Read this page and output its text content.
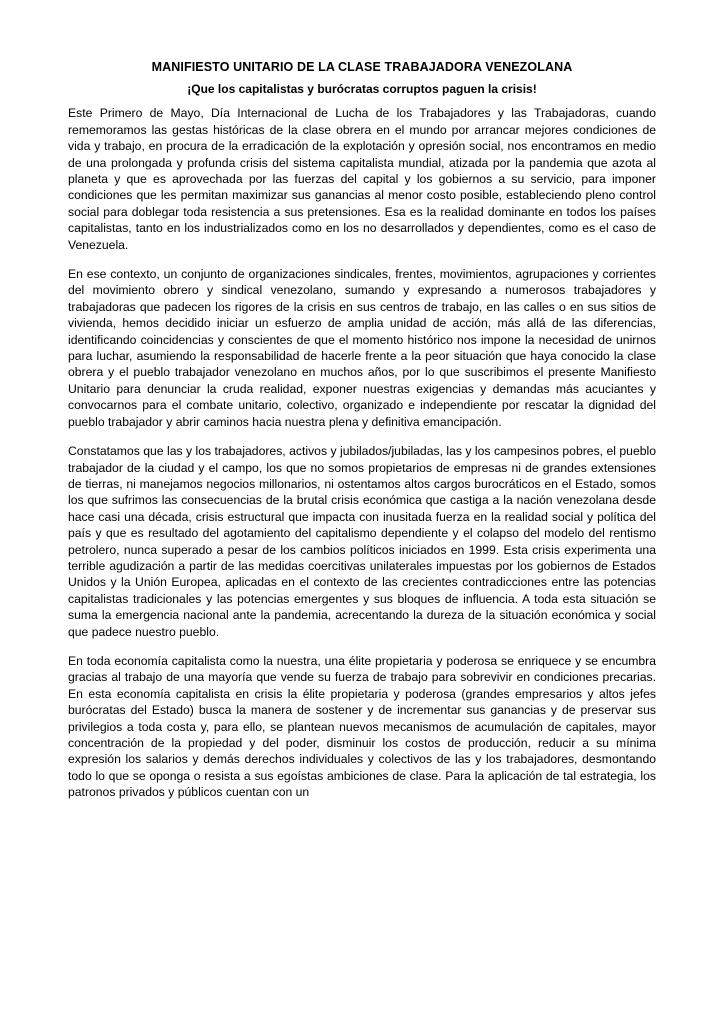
MANIFIESTO UNITARIO DE LA CLASE TRABAJADORA VENEZOLANA
¡Que los capitalistas y burócratas corruptos paguen la crisis!

Este Primero de Mayo, Día Internacional de Lucha de los Trabajadores y las Trabajadoras, cuando rememoramos las gestas históricas de la clase obrera en el mundo por arrancar mejores condiciones de vida y trabajo, en procura de la erradicación de la explotación y opresión social, nos encontramos en medio de una prolongada y profunda crisis del sistema capitalista mundial, atizada por la pandemia que azota al planeta y que es aprovechada por las fuerzas del capital y los gobiernos a su servicio, para imponer condiciones que les permitan maximizar sus ganancias al menor costo posible, estableciendo pleno control social para doblegar toda resistencia a sus pretensiones. Esa es la realidad dominante en todos los países capitalistas, tanto en los industrializados como en los no desarrollados y dependientes, como es el caso de Venezuela.

En ese contexto, un conjunto de organizaciones sindicales, frentes, movimientos, agrupaciones y corrientes del movimiento obrero y sindical venezolano, sumando y expresando a numerosos trabajadores y trabajadoras que padecen los rigores de la crisis en sus centros de trabajo, en las calles o en sus sitios de vivienda, hemos decidido iniciar un esfuerzo de amplia unidad de acción, más allá de las diferencias, identificando coincidencias y conscientes de que el momento histórico nos impone la necesidad de unirnos para luchar, asumiendo la responsabilidad de hacerle frente a la peor situación que haya conocido la clase obrera y el pueblo trabajador venezolano en muchos años, por lo que suscribimos el presente Manifiesto Unitario para denunciar la cruda realidad, exponer nuestras exigencias y demandas más acuciantes y convocarnos para el combate unitario, colectivo, organizado e independiente por rescatar la dignidad del pueblo trabajador y abrir caminos hacia nuestra plena y definitiva emancipación.

Constatamos que las y los trabajadores, activos y jubilados/jubiladas, las y los campesinos pobres, el pueblo trabajador de la ciudad y el campo, los que no somos propietarios de empresas ni de grandes extensiones de tierras, ni manejamos negocios millonarios, ni ostentamos altos cargos burocráticos en el Estado, somos los que sufrimos las consecuencias de la brutal crisis económica que castiga a la nación venezolana desde hace casi una década, crisis estructural que impacta con inusitada fuerza en la realidad social y política del país y que es resultado del agotamiento del capitalismo dependiente y el colapso del modelo del rentismo petrolero, nunca superado a pesar de los cambios políticos iniciados en 1999. Esta crisis experimenta una terrible agudización a partir de las medidas coercitivas unilaterales impuestas por los gobiernos de Estados Unidos y la Unión Europea, aplicadas en el contexto de las crecientes contradicciones entre las potencias capitalistas tradicionales y las potencias emergentes y sus bloques de influencia. A toda esta situación se suma la emergencia nacional ante la pandemia, acrecentando la dureza de la situación económica y social que padece nuestro pueblo.

En toda economía capitalista como la nuestra, una élite propietaria y poderosa se enriquece y se encumbra gracias al trabajo de una mayoría que vende su fuerza de trabajo para sobrevivir en condiciones precarias. En esta economía capitalista en crisis la élite propietaria y poderosa (grandes empresarios y altos jefes burócratas del Estado) busca la manera de sostener y de incrementar sus ganancias y de preservar sus privilegios a toda costa y, para ello, se plantean nuevos mecanismos de acumulación de capitales, mayor concentración de la propiedad y del poder, disminuir los costos de producción, reducir a su mínima expresión los salarios y demás derechos individuales y colectivos de las y los trabajadores, desmontando todo lo que se oponga o resista a sus egoístas ambiciones de clase. Para la aplicación de tal estrategia, los patronos privados y públicos cuentan con un
